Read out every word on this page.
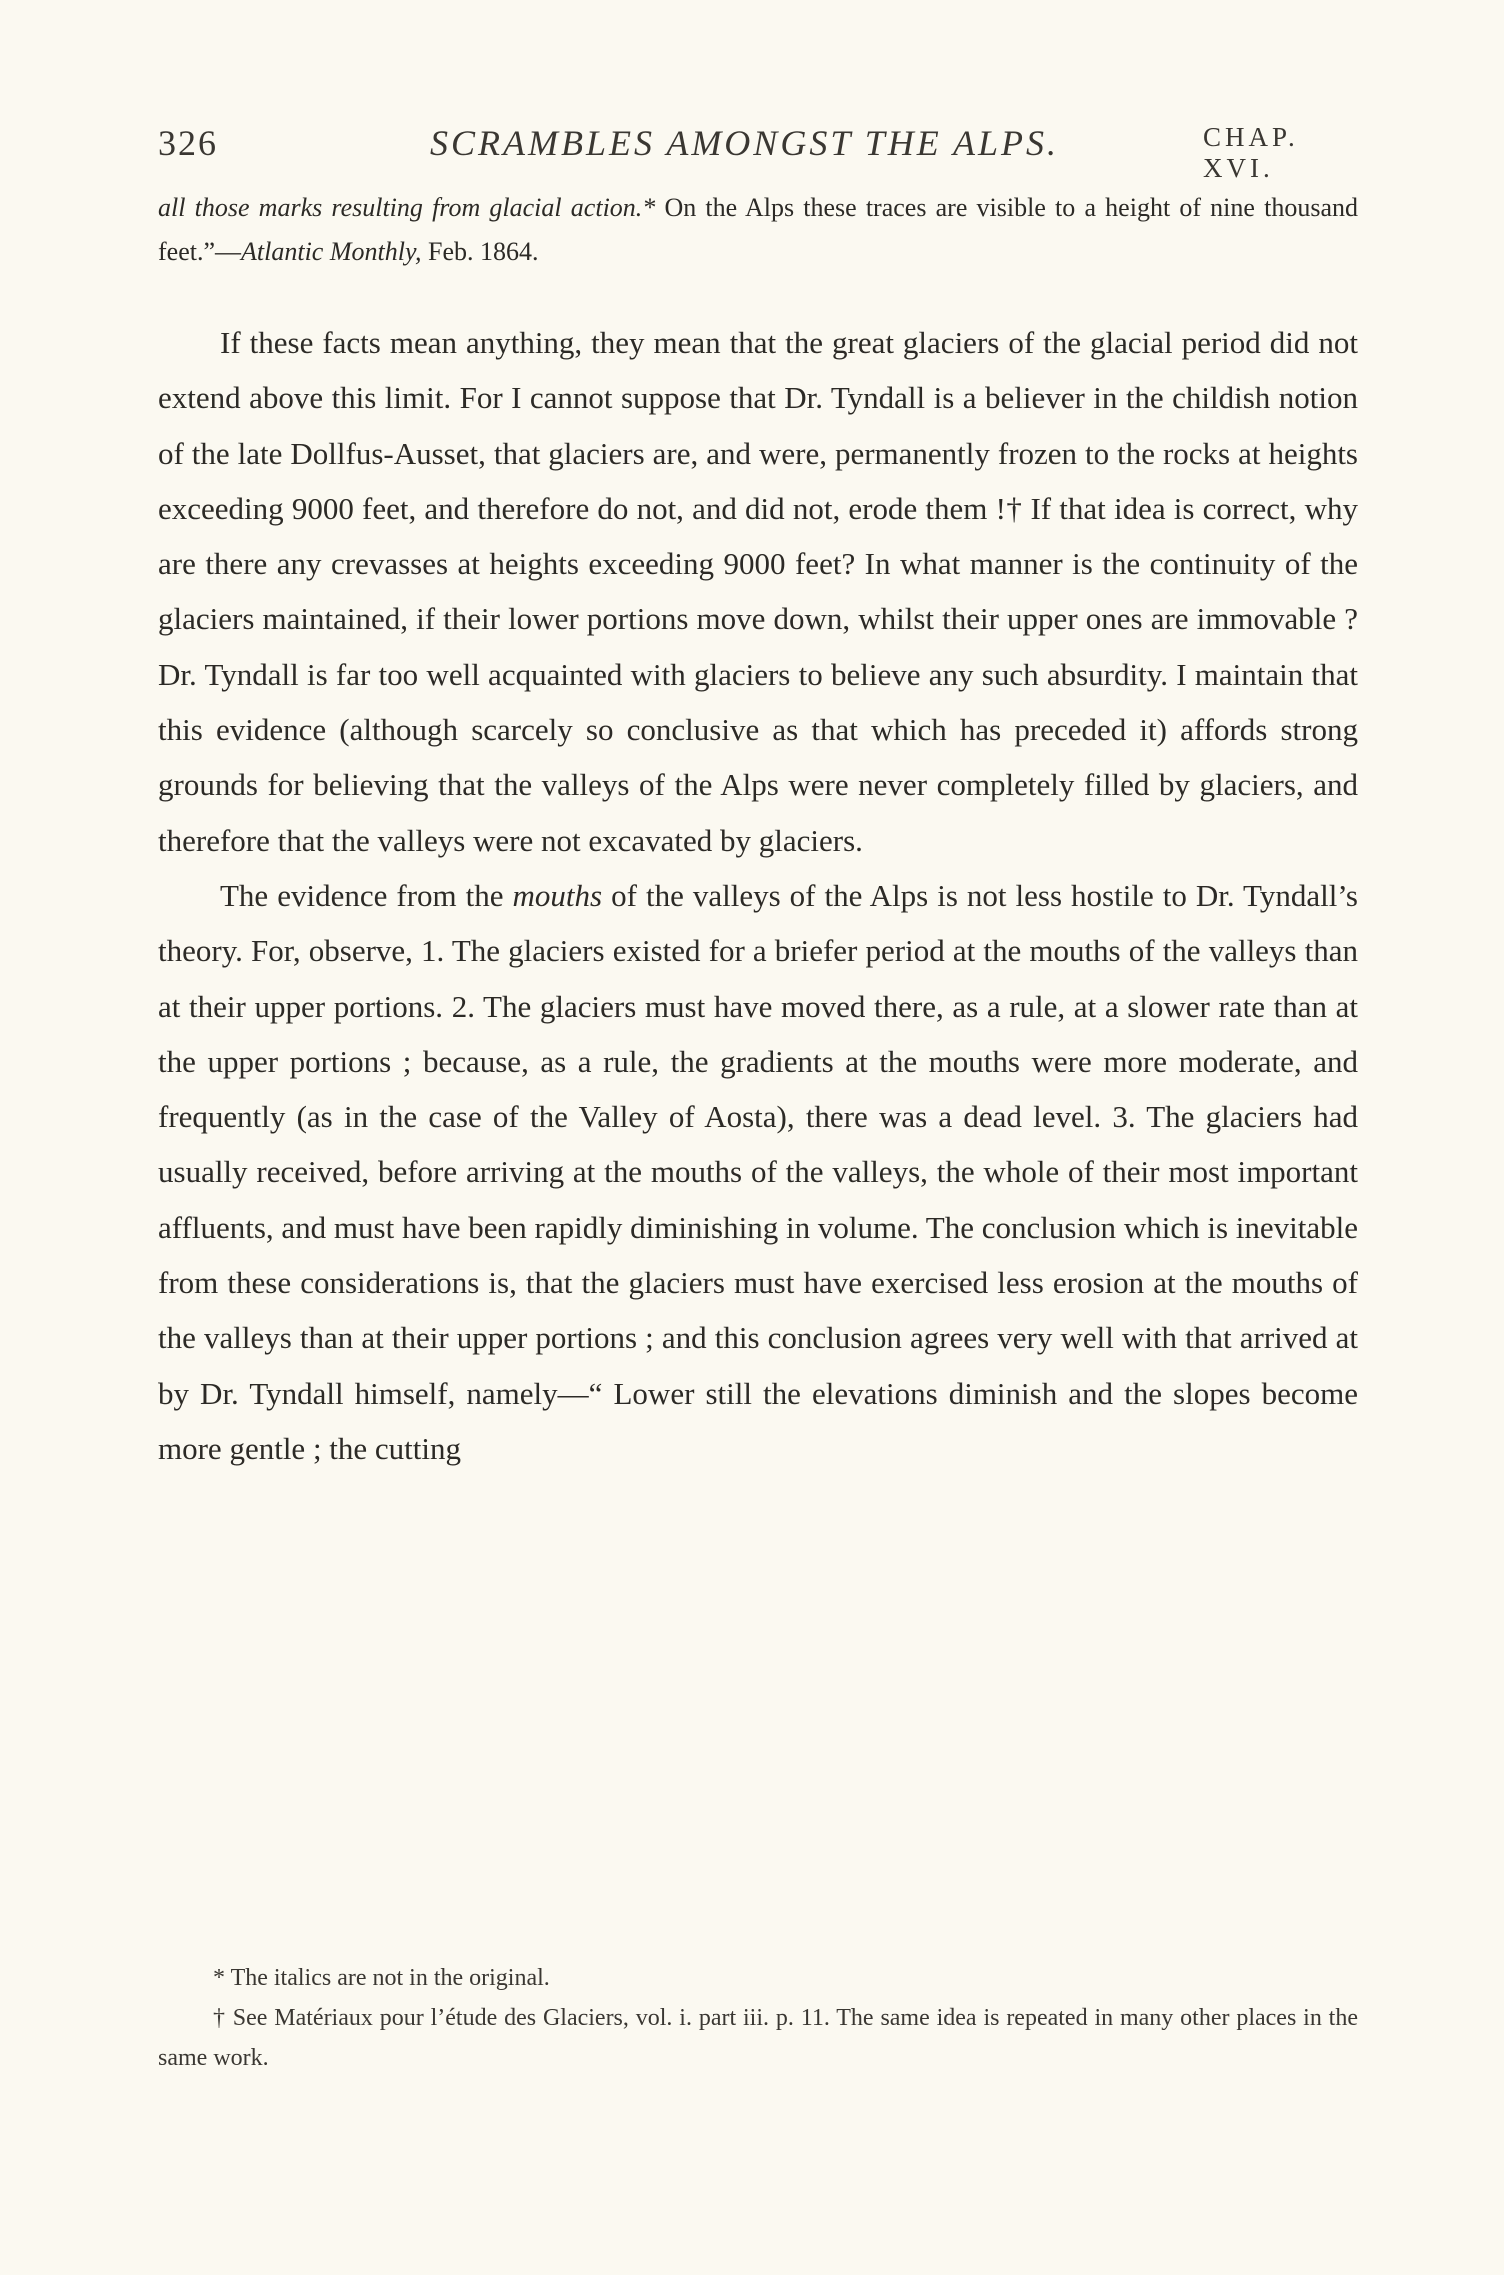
326	SCRAMBLES AMONGST THE ALPS.	CHAP. XVI.

all those marks resulting from glacial action.* On the Alps these traces are visible to a height of nine thousand feet.”—Atlantic Monthly, Feb. 1864.

If these facts mean anything, they mean that the great glaciers of the glacial period did not extend above this limit. For I cannot suppose that Dr. Tyndall is a believer in the childish notion of the late Dollfus-Ausset, that glaciers are, and were, permanently frozen to the rocks at heights exceeding 9000 feet, and therefore do not, and did not, erode them !† If that idea is correct, why are there any crevasses at heights exceeding 9000 feet? In what manner is the continuity of the glaciers maintained, if their lower portions move down, whilst their upper ones are immovable ? Dr. Tyndall is far too well acquainted with glaciers to believe any such absurdity. I maintain that this evidence (although scarcely so conclusive as that which has preceded it) affords strong grounds for believing that the valleys of the Alps were never completely filled by glaciers, and therefore that the valleys were not excavated by glaciers.

The evidence from the mouths of the valleys of the Alps is not less hostile to Dr. Tyndall’s theory. For, observe, 1. The glaciers existed for a briefer period at the mouths of the valleys than at their upper portions. 2. The glaciers must have moved there, as a rule, at a slower rate than at the upper portions ; because, as a rule, the gradients at the mouths were more moderate, and frequently (as in the case of the Valley of Aosta), there was a dead level. 3. The glaciers had usually received, before arriving at the mouths of the valleys, the whole of their most important affluents, and must have been rapidly diminishing in volume. The conclusion which is inevitable from these considerations is, that the glaciers must have exercised less erosion at the mouths of the valleys than at their upper portions ; and this conclusion agrees very well with that arrived at by Dr. Tyndall himself, namely—“ Lower still the elevations diminish and the slopes become more gentle ; the cutting

* The italics are not in the original.

† See Matériaux pour l’étude des Glaciers, vol. i. part iii. p. 11. The same idea is repeated in many other places in the same work.
